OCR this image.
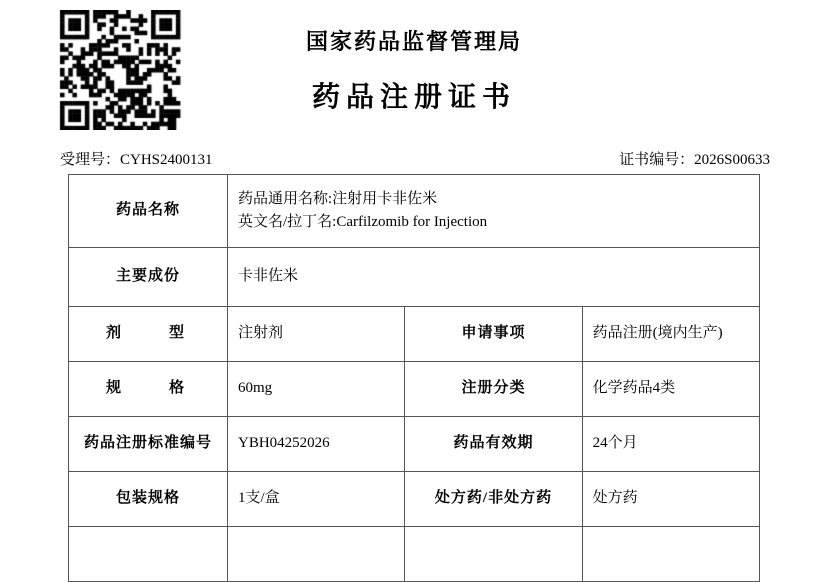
国家药品监督管理局
药品注册证书
受理号：CYHS2400131	证书编号：2026S00633
药品名称	药品通用名称:注射用卡非佐米
英文名/拉丁名:Carfilzomib for Injection		

主要成份	卡非佐米		
剂　　型	注射剂	申请事项	药品注册(境内生产)
规　　格	60mg	注册分类	化学药品4类
药品注册标准编号	YBH04252026	药品有效期	24个月
包装规格	1支/盒	处方药/非处方药	处方药
